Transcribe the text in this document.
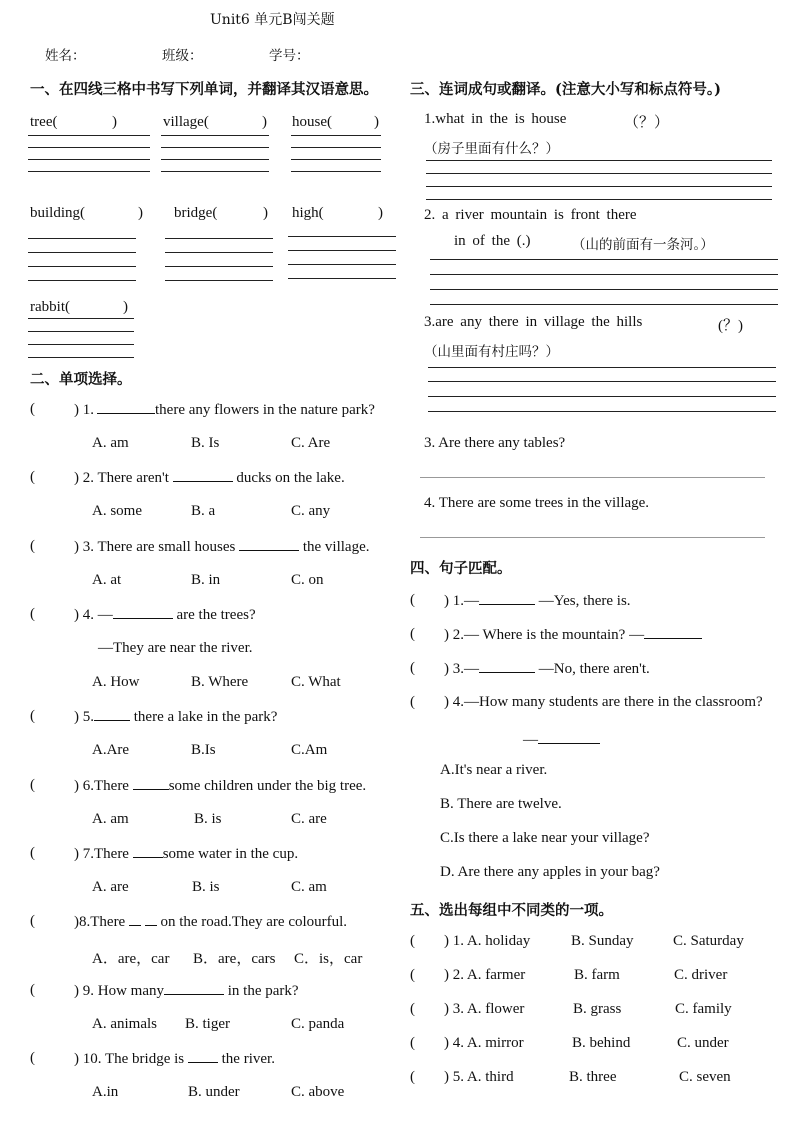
Unit6 单元B闯关题
姓名：	班级：	学号：
一、在四线三格中书写下列单词，并翻译其汉语意思。
tree(	)	village(	) house(	)
building(	) bridge(	) high(	)
rabbit(	)
二、单项选择。
(	) 1.	there any flowers in the nature park?
A. am	B. Is	C. Are
(	) 2. There aren't	ducks on the lake.
A. some	B. a	C. any
(	) 3. There are small houses	the village.
A. at	B. in	C. on
(	) 4. —	are the trees?
—They are near the river.
A. How	B. Where	C. What
(	) 5.	there a lake in the park?
A.Are	B.Is	C.Am
(	) 6.There	some children under the big tree.
A. am	B. is	C. are
(	) 7.There some water in the cup.
A. are	B. is	C. am
(	)8.There on the road.They are colourful.
A．are，car B．are，cars C．is，car
(	) 9. How many	in the park?
A. animals B. tiger	C. panda
(	) 10. The bridge is	the river.
A.in	B. under	C. above
三、连词成句或翻译。(注意大小写和标点符号。)
1.what in the is house	（？）
（房子里面有什么？）
2. a river mountain is front there
in of the (.)	（山的前面有一条河。）
3.are any there in village the hills	(？)
（山里面有村庄吗？）
3. Are there any tables?
4. There are some trees in the village.
四、句子匹配。
( ) 1.—	—Yes, there is.
( ) 2.— Where is the mountain? —
( ) 3.—	—No, there aren't.
( ) 4.—How many students are there in the classroom?
—
A.It's near a river.
B. There are twelve.
C.Is there a lake near your village?
D. Are there any apples in your bag?
五、选出每组中不同类的一项。
( ) 1. A. holiday	B. Sunday	C. Saturday
( ) 2. A. farmer	B. farm	C. driver
( ) 3. A. flower	B. grass	C. family
( ) 4. A. mirror	B. behind	C. under
( ) 5. A. third	B. three	C. seven
